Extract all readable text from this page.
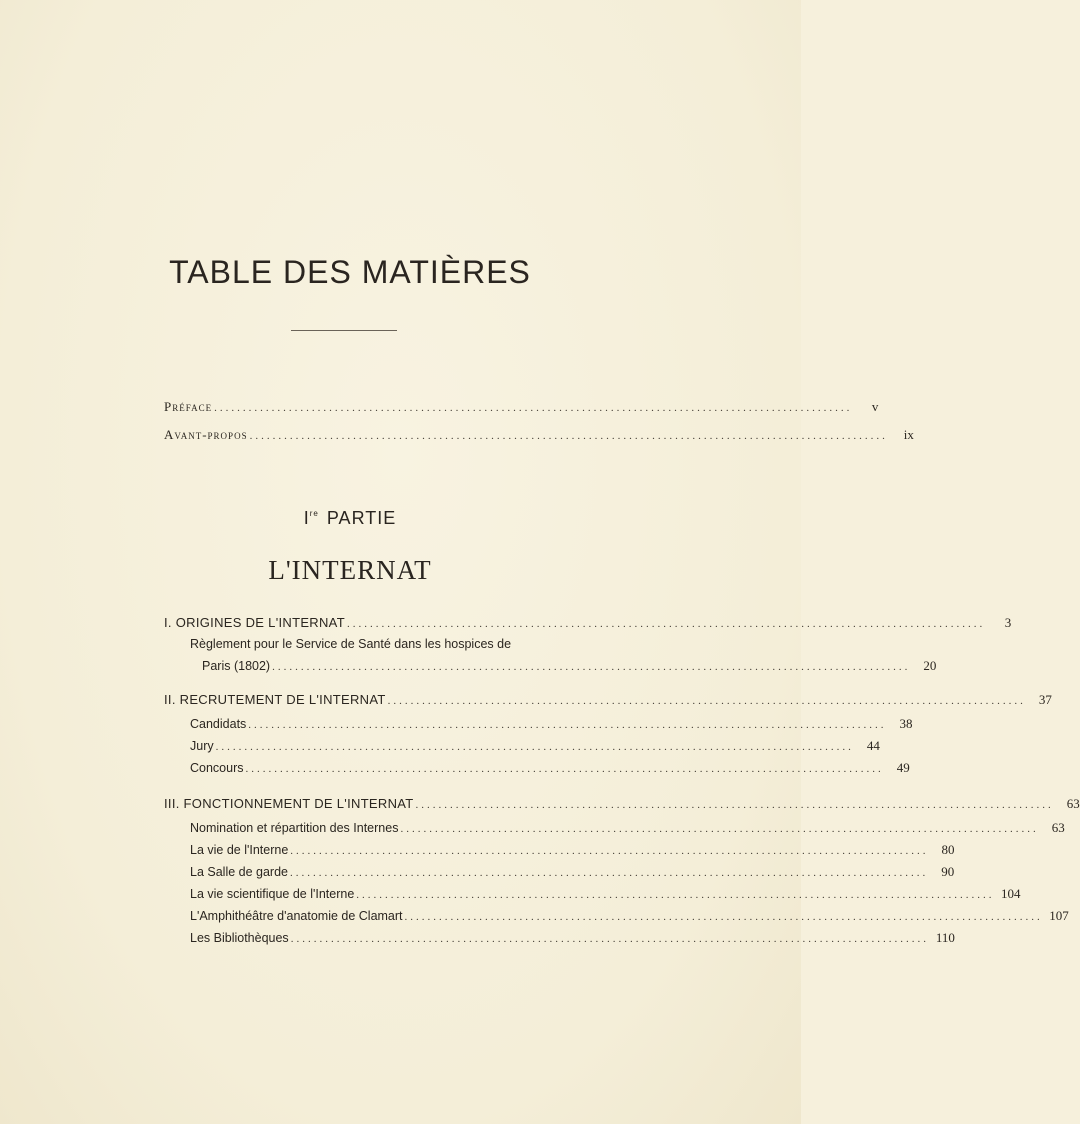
TABLE DES MATIÈRES
Préface ...............................................................................................................	v
Avant-propos ...............................................................................................................	ix
Ire PARTIE
L'INTERNAT
I. ORIGINES DE L'INTERNAT ...............................................................................................................	3
Règlement pour le Service de Santé dans les hospices de
Paris (1802) ...............................................................................................................	20
II. RECRUTEMENT DE L'INTERNAT ...............................................................................................................	37
Candidats ...............................................................................................................	38
Jury ...............................................................................................................	44
Concours ...............................................................................................................	49
III. FONCTIONNEMENT DE L'INTERNAT ...............................................................................................................	63
Nomination et répartition des Internes ...............................................................................................................	63
La vie de l'Interne ...............................................................................................................	80
La Salle de garde ...............................................................................................................	90
La vie scientifique de l'Interne ............................................................................................................... 104
L'Amphithéâtre d'anatomie de Clamart ............................................................................................................... 107
Les Bibliothèques ............................................................................................................... 110
